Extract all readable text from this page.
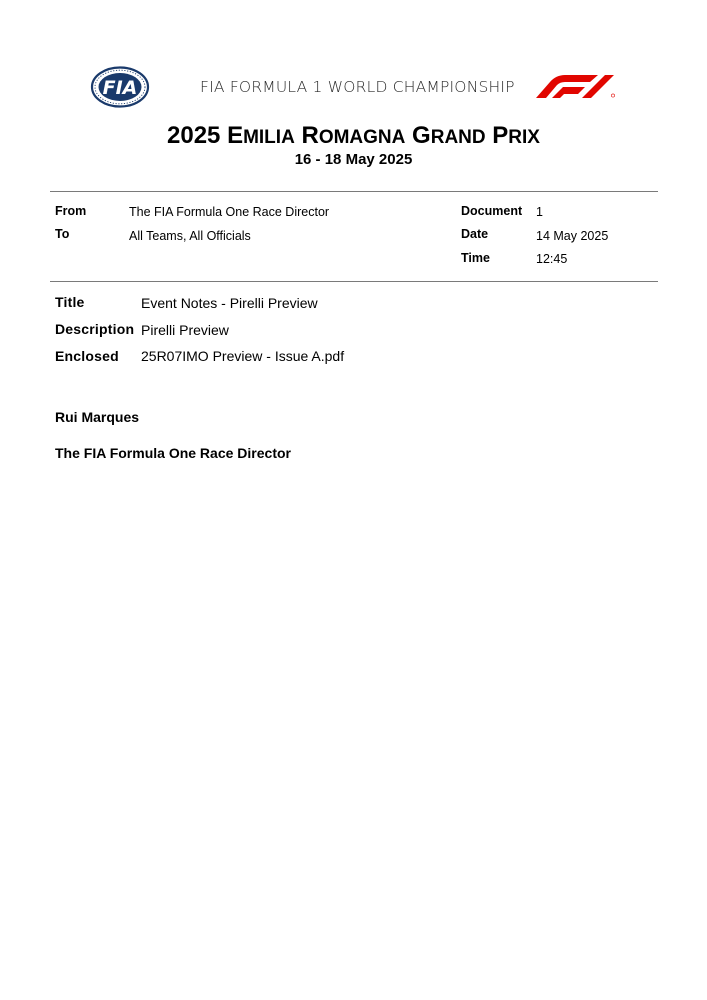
FIA	FIA FORMULA 1 WORLD CHAMPIONSHIP
2025 EMILIA ROMAGNA GRAND PRIX
16 - 18 May 2025
From	The FIA Formula One Race Director
To	All Teams, All Officials
Document 1
Date	14 May 2025
Time	12:45
Title	Event Notes - Pirelli Preview
Description Pirelli Preview
Enclosed 25R07IMO Preview - Issue A.pdf
Rui Marques
The FIA Formula One Race Director
